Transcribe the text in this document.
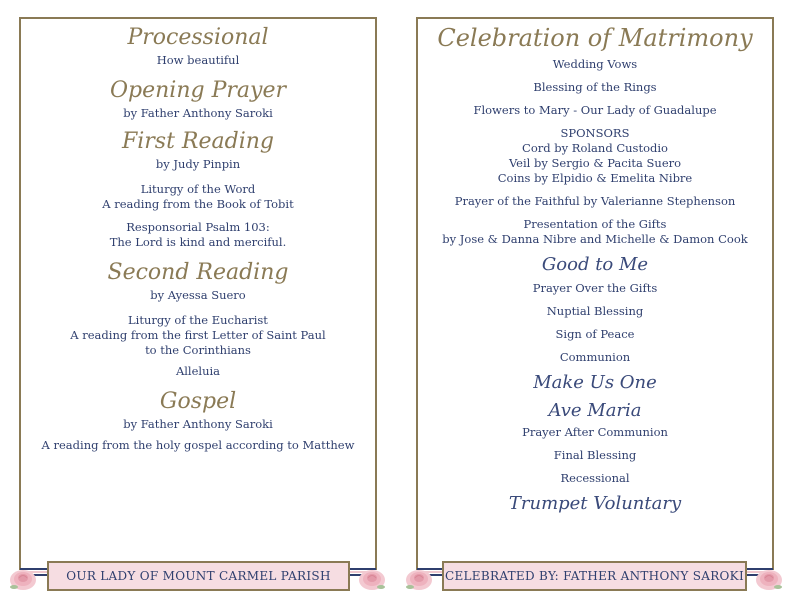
Processional
How beautiful
Opening Prayer
by Father Anthony Saroki
First Reading
by Judy Pinpin
Liturgy of the Word
A reading from the Book of Tobit
Responsorial Psalm 103:
The Lord is kind and merciful.
Second Reading
by Ayessa Suero
Liturgy of the Eucharist
A reading from the first Letter of Saint Paul
to the Corinthians
Alleluia
Gospel
by Father Anthony Saroki
A reading from the holy gospel according to Matthew
Celebration of Matrimony
Wedding Vows
Blessing of the Rings
Flowers to Mary - Our Lady of Guadalupe
SPONSORS
Cord by Roland Custodio
Veil by Sergio & Pacita Suero
Coins by Elpidio & Emelita Nibre
Prayer of the Faithful by Valerianne Stephenson
Presentation of the Gifts
by Jose & Danna Nibre and Michelle & Damon Cook
Good to Me
Prayer Over the Gifts
Nuptial Blessing
Sign of Peace
Communion
Make Us One
Ave Maria
Prayer After Communion
Final Blessing
Recessional
Trumpet Voluntary
OUR LADY OF MOUNT CARMEL PARISH	CELEBRATED BY: FATHER ANTHONY SAROKI
